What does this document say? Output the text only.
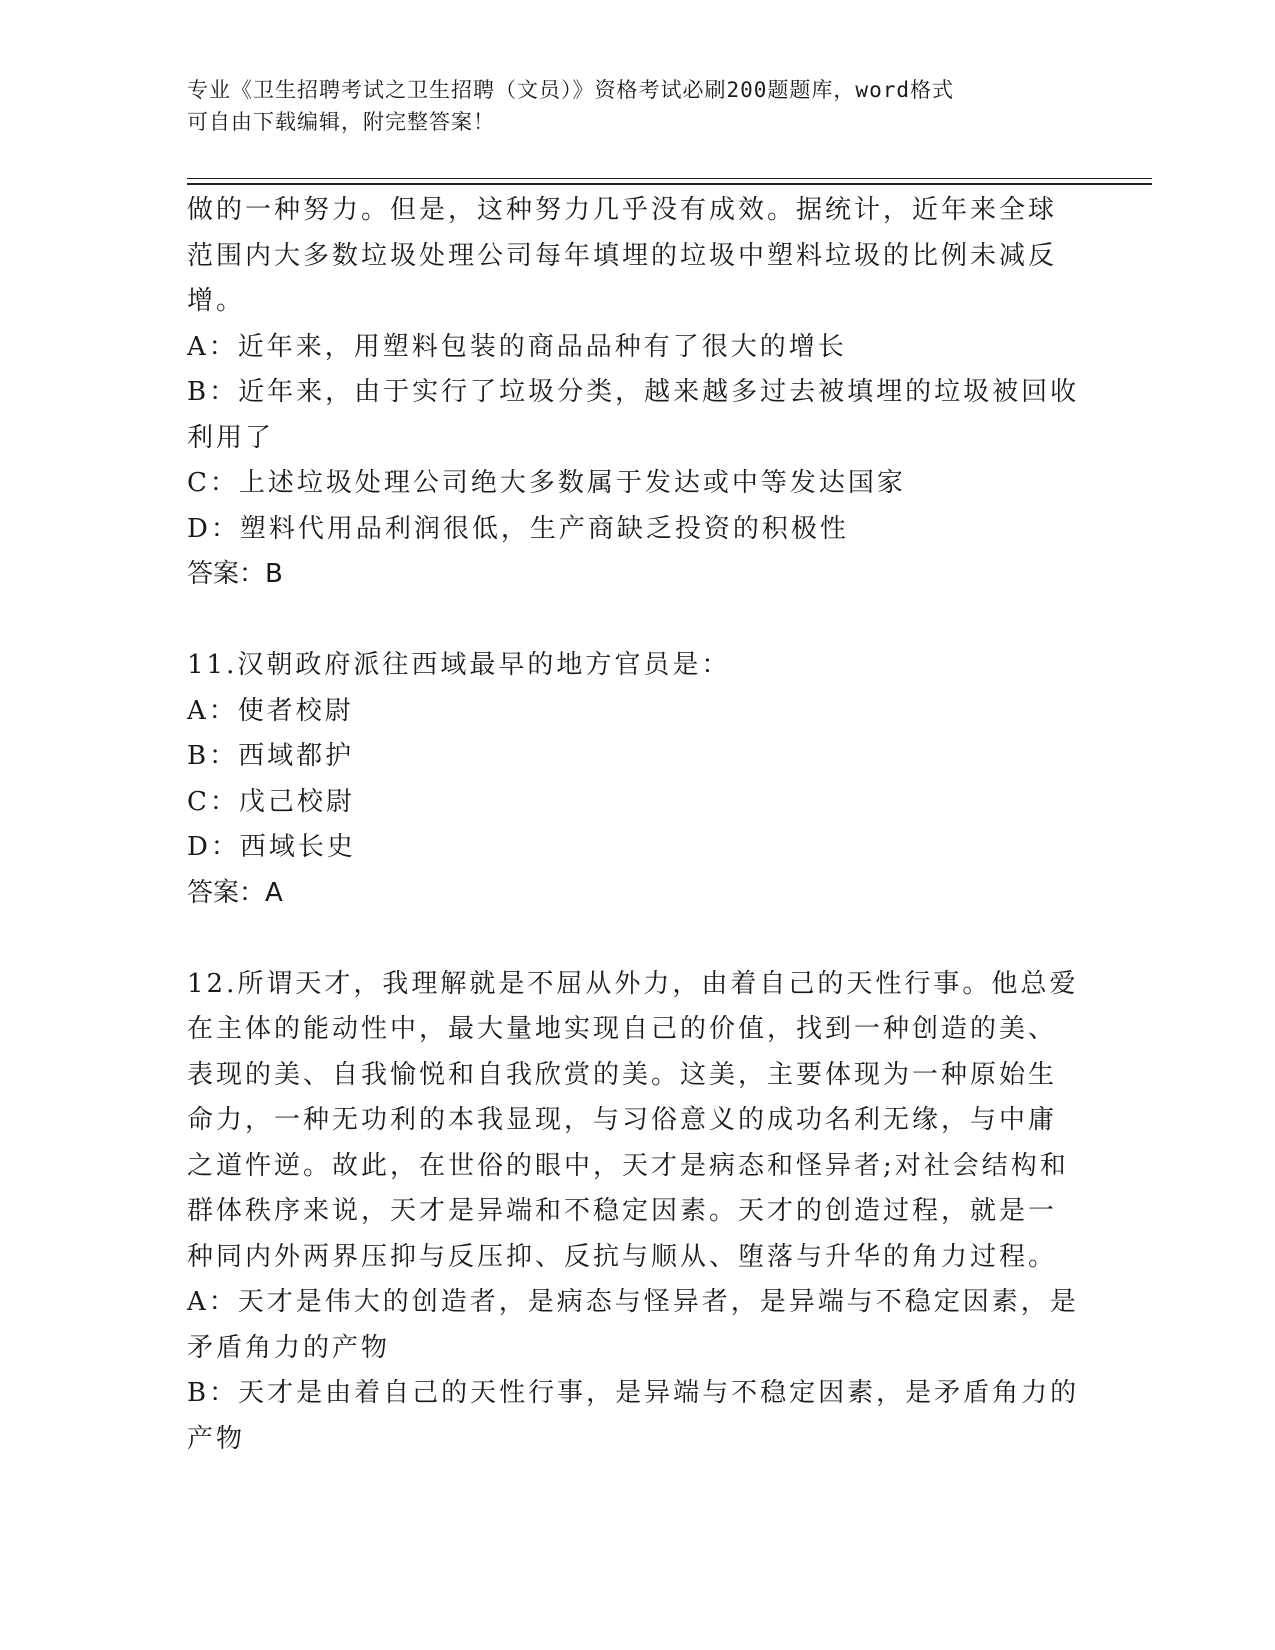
专业《卫生招聘考试之卫生招聘（文员）》资格考试必刷200题题库，word格式
可自由下载编辑，附完整答案！

做的一种努力。但是，这种努力几乎没有成效。据统计，近年来全球

范围内大多数垃圾处理公司每年填埋的垃圾中塑料垃圾的比例未减反

增。

A：近年来，用塑料包装的商品品种有了很大的增长

B：近年来，由于实行了垃圾分类，越来越多过去被填埋的垃圾被回收

利用了

C：上述垃圾处理公司绝大多数属于发达或中等发达国家

D：塑料代用品利润很低，生产商缺乏投资的积极性

答案：B

11.汉朝政府派往西域最早的地方官员是：

A：使者校尉

B：西域都护

C：戊己校尉

D：西域长史

答案：A

12.所谓天才，我理解就是不屈从外力，由着自己的天性行事。他总爱

在主体的能动性中，最大量地实现自己的价值，找到一种创造的美、

表现的美、自我愉悦和自我欣赏的美。这美，主要体现为一种原始生

命力，一种无功利的本我显现，与习俗意义的成功名利无缘，与中庸

之道忤逆。故此，在世俗的眼中，天才是病态和怪异者;对社会结构和

群体秩序来说，天才是异端和不稳定因素。天才的创造过程，就是一

种同内外两界压抑与反压抑、反抗与顺从、堕落与升华的角力过程。

A：天才是伟大的创造者，是病态与怪异者，是异端与不稳定因素，是

矛盾角力的产物

B：天才是由着自己的天性行事，是异端与不稳定因素，是矛盾角力的

产物
